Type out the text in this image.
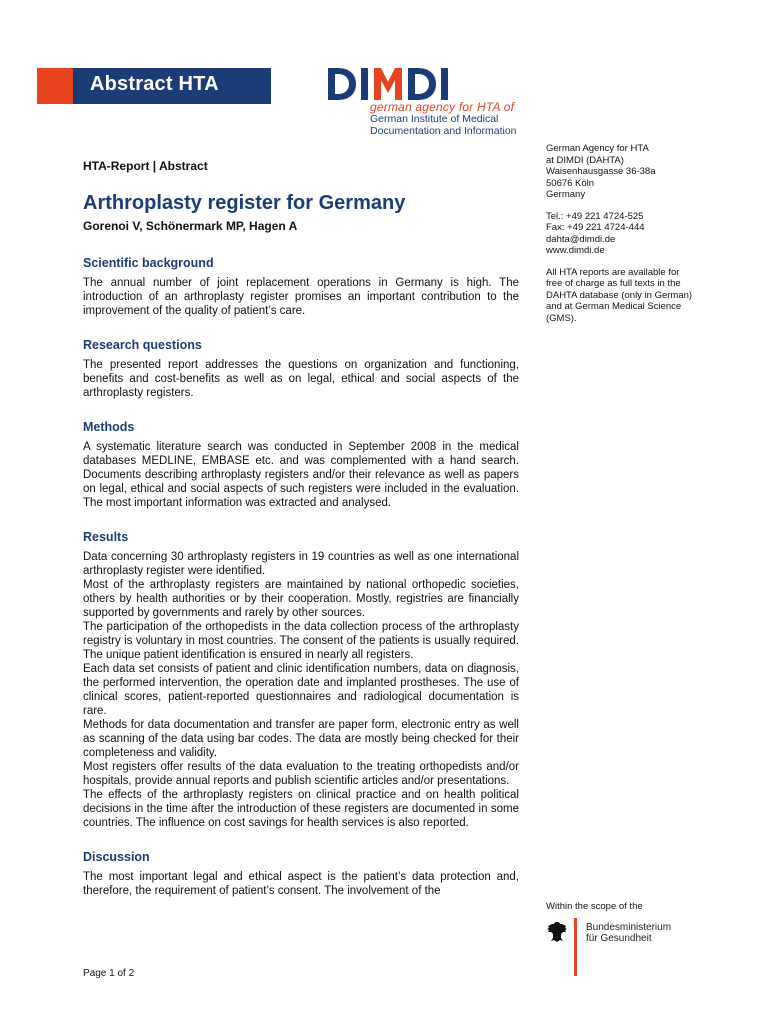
Abstract HTA
german agency for HTA of
German Institute of Medical
Documentation and Information
HTA-Report | Abstract
Arthroplasty register for Germany
Gorenoi V, Schönermark MP, Hagen A
Scientific background

The annual number of joint replacement operations in Germany is high. The introduction of an arthroplasty register promises an important contribution to the improvement of the quality of patient’s care.

Research questions

The presented report addresses the questions on organization and functioning, benefits and cost-benefits as well as on legal, ethical and social aspects of the arthroplasty registers.

Methods

A systematic literature search was conducted in September 2008 in the medical databases MEDLINE, EMBASE etc. and was complemented with a hand search. Documents describing arthroplasty registers and/or their relevance as well as papers on legal, ethical and social aspects of such registers were included in the evaluation. The most important information was extracted and analysed.

Results

Data concerning 30 arthroplasty registers in 19 countries as well as one international arthroplasty register were identified.

Most of the arthroplasty registers are maintained by national orthopedic societies, others by health authorities or by their cooperation. Mostly, registries are financially supported by governments and rarely by other sources.

The participation of the orthopedists in the data collection process of the arthroplasty registry is voluntary in most countries. The consent of the patients is usually required. The unique patient identification is ensured in nearly all registers.

Each data set consists of patient and clinic identification numbers, data on diagnosis, the performed intervention, the operation date and implanted prostheses. The use of clinical scores, patient-reported questionnaires and radiological documentation is rare.

Methods for data documentation and transfer are paper form, electronic entry as well as scanning of the data using bar codes. The data are mostly being checked for their completeness and validity.

Most registers offer results of the data evaluation to the treating orthopedists and/or hospitals, provide annual reports and publish scientific articles and/or presentations.

The effects of the arthroplasty registers on clinical practice and on health political decisions in the time after the introduction of these registers are documented in some countries. The influence on cost savings for health services is also reported.

Discussion

The most important legal and ethical aspect is the patient’s data protection and, therefore, the requirement of patient’s consent. The involvement of the

German Agency for HTA
at DIMDI (DAHTA)
Waisenhausgasse 36-38a
50676 Köln
Germany
Tel.: +49 221 4724-525
Fax: +49 221 4724-444
dahta@dimdi.de
www.dimdi.de
All HTA reports are available for
free of charge as full texts in the
DAHTA database (only in German)
and at German Medical Science
(GMS).
Within the scope of the
Bundesministerium
für Gesundheit
Page 1 of 2
